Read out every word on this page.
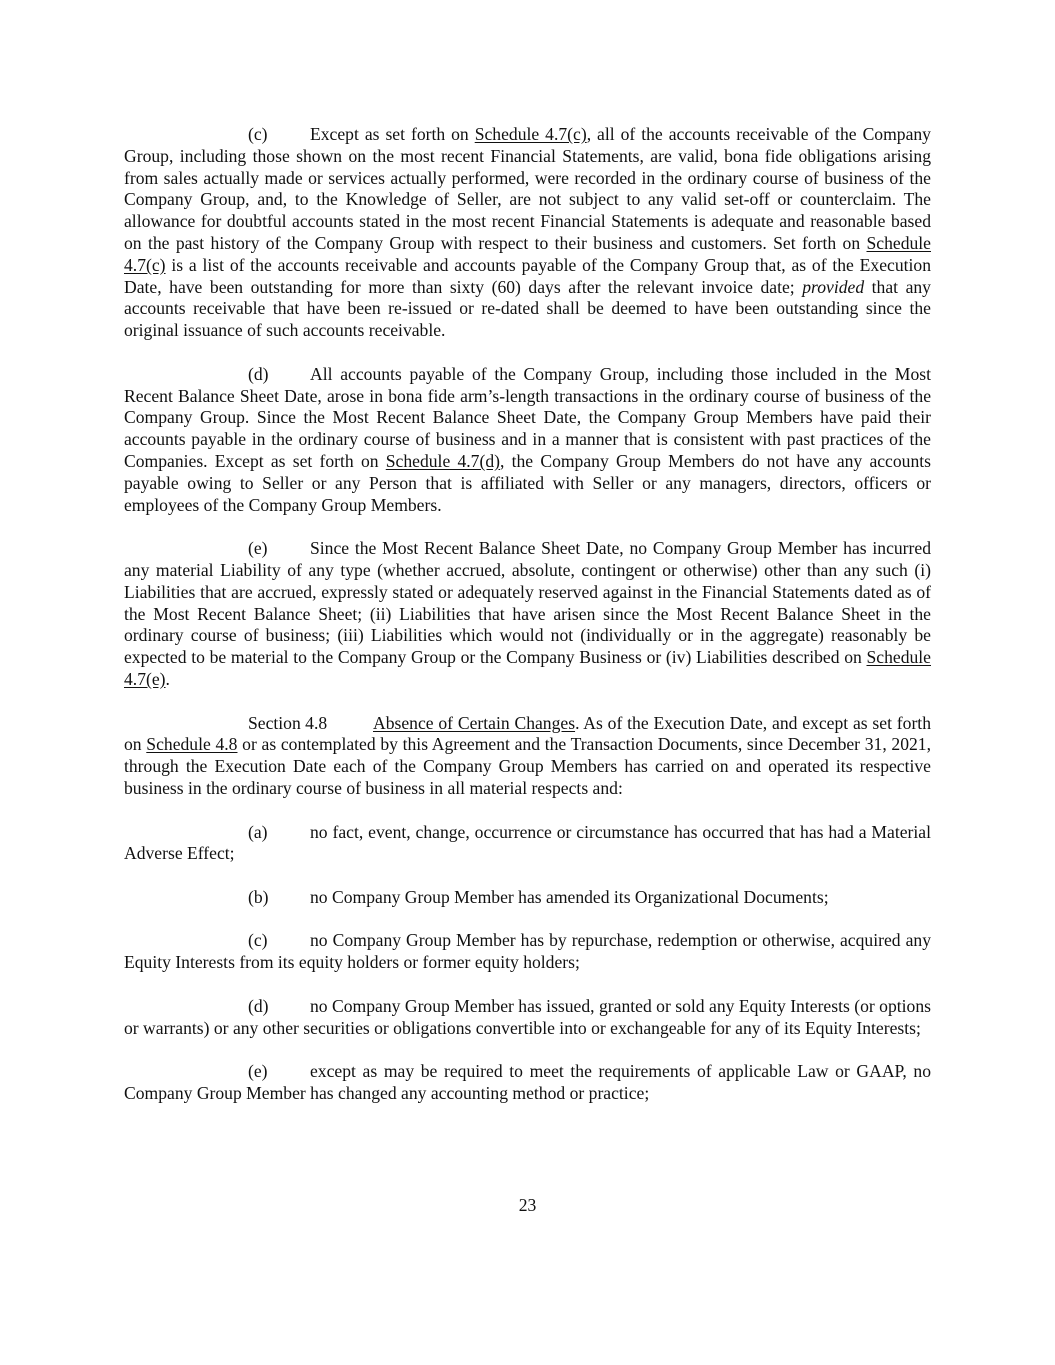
(c) Except as set forth on Schedule 4.7(c), all of the accounts receivable of the Company Group, including those shown on the most recent Financial Statements, are valid, bona fide obligations arising from sales actually made or services actually performed, were recorded in the ordinary course of business of the Company Group, and, to the Knowledge of Seller, are not subject to any valid set-off or counterclaim. The allowance for doubtful accounts stated in the most recent Financial Statements is adequate and reasonable based on the past history of the Company Group with respect to their business and customers. Set forth on Schedule 4.7(c) is a list of the accounts receivable and accounts payable of the Company Group that, as of the Execution Date, have been outstanding for more than sixty (60) days after the relevant invoice date; provided that any accounts receivable that have been re-issued or re-dated shall be deemed to have been outstanding since the original issuance of such accounts receivable.

(d) All accounts payable of the Company Group, including those included in the Most Recent Balance Sheet Date, arose in bona fide arm’s-length transactions in the ordinary course of business of the Company Group. Since the Most Recent Balance Sheet Date, the Company Group Members have paid their accounts payable in the ordinary course of business and in a manner that is consistent with past practices of the Companies. Except as set forth on Schedule 4.7(d), the Company Group Members do not have any accounts payable owing to Seller or any Person that is affiliated with Seller or any managers, directors, officers or employees of the Company Group Members.

(e) Since the Most Recent Balance Sheet Date, no Company Group Member has incurred any material Liability of any type (whether accrued, absolute, contingent or otherwise) other than any such (i) Liabilities that are accrued, expressly stated or adequately reserved against in the Financial Statements dated as of the Most Recent Balance Sheet; (ii) Liabilities that have arisen since the Most Recent Balance Sheet in the ordinary course of business; (iii) Liabilities which would not (individually or in the aggregate) reasonably be expected to be material to the Company Group or the Company Business or (iv) Liabilities described on Schedule 4.7(e).

Section 4.8	Absence of Certain Changes. As of the Execution Date, and except as set forth on Schedule 4.8 or as contemplated by this Agreement and the Transaction Documents, since December 31, 2021, through the Execution Date each of the Company Group Members has carried on and operated its respective business in the ordinary course of business in all material respects and:

(a) no fact, event, change, occurrence or circumstance has occurred that has had a Material Adverse Effect;

(b) no Company Group Member has amended its Organizational Documents;

(c) no Company Group Member has by repurchase, redemption or otherwise, acquired any Equity Interests from its equity holders or former equity holders;

(d) no Company Group Member has issued, granted or sold any Equity Interests (or options or warrants) or any other securities or obligations convertible into or exchangeable for any of its Equity Interests;

(e) except as may be required to meet the requirements of applicable Law or GAAP, no Company Group Member has changed any accounting method or practice;

23
